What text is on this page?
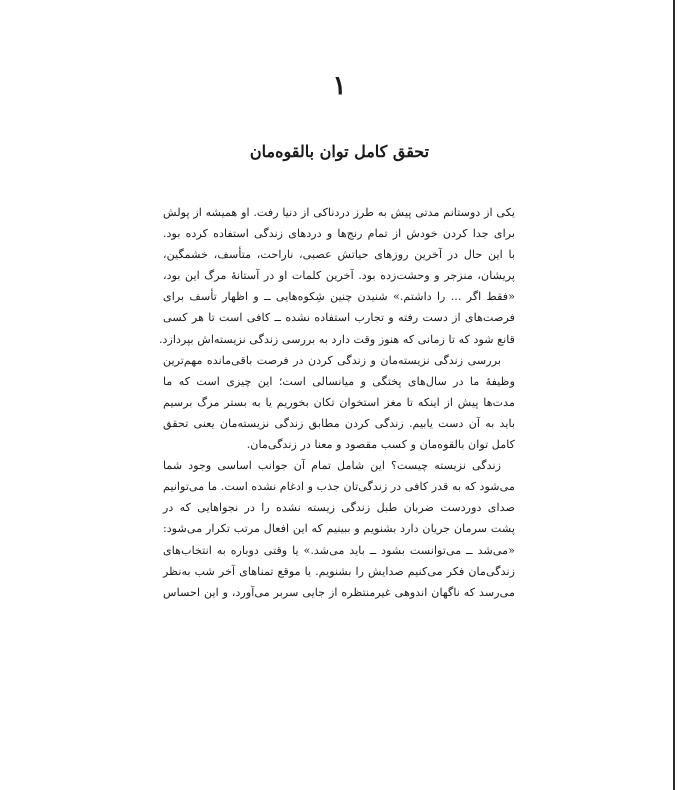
۱
تحقق کامل توان بالقوه‌مان

یکی از دوستانم مدتی پیش به طرز دردناکی از دنیا رفت. او همیشه از پولش
برای جدا کردن خودش از تمام رنج‌ها و دردهای زندگی استفاده کرده بود.
با این حال در آخرین روزهای حیاتش عصبی، ناراحت، متأسف، خشمگین،
پریشان، منزجر و وحشت‌زده بود. آخرین کلمات او در آستانهٔ مرگ این بود،
«فقط اگر ... را داشتم.» شنیدن چنین شِکوه‌هایی ــ و اظهار تأسف برای
فرصت‌های از دست رفته و تجارب استفاده نشده ــ کافی است تا هر کسی
قانع شود که تا زمانی که هنوز وقت دارد به بررسی زندگی نزیسته‌اش بپردازد.

بررسی زندگی نزیسته‌مان و زندگی کردن در فرصت باقی‌مانده مهم‌ترین
وظیفهٔ ما در سال‌های پختگی و میانسالی است؛ این چیزی است که ما
مدت‌ها پیش از اینکه تا مغز استخوان تکان بخوریم یا به بستر مرگ برسیم
باید به آن دست یابیم. زندگی کردن مطابق زندگی نزیسته‌مان یعنی تحقق
کامل توان بالقوه‌مان و کسب مقصود و معنا در زندگی‌مان.

زندگی نزیسته چیست؟ این شامل تمام آن جوانب اساسی وجود شما
می‌شود که به قدر کافی در زندگی‌تان جذب و ادغام نشده است. ما می‌توانیم
صدای دوردست ضربان طبل زندگی زیسته نشده را در نجواهایی که در
پشت سرمان جریان دارد بشنویم و ببینیم که این افعال مرتب تکرار می‌شود:
«می‌شد ــ می‌توانست بشود ــ باید می‌شد.» یا وقتی دوباره به انتخاب‌های
زندگی‌مان فکر می‌کنیم صدایش را بشنویم. یا موقع تمناهای آخر شب به‌نظر
می‌رسد که ناگهان اندوهی غیرمنتظره از جایی سربر می‌آورد، و این احساس
